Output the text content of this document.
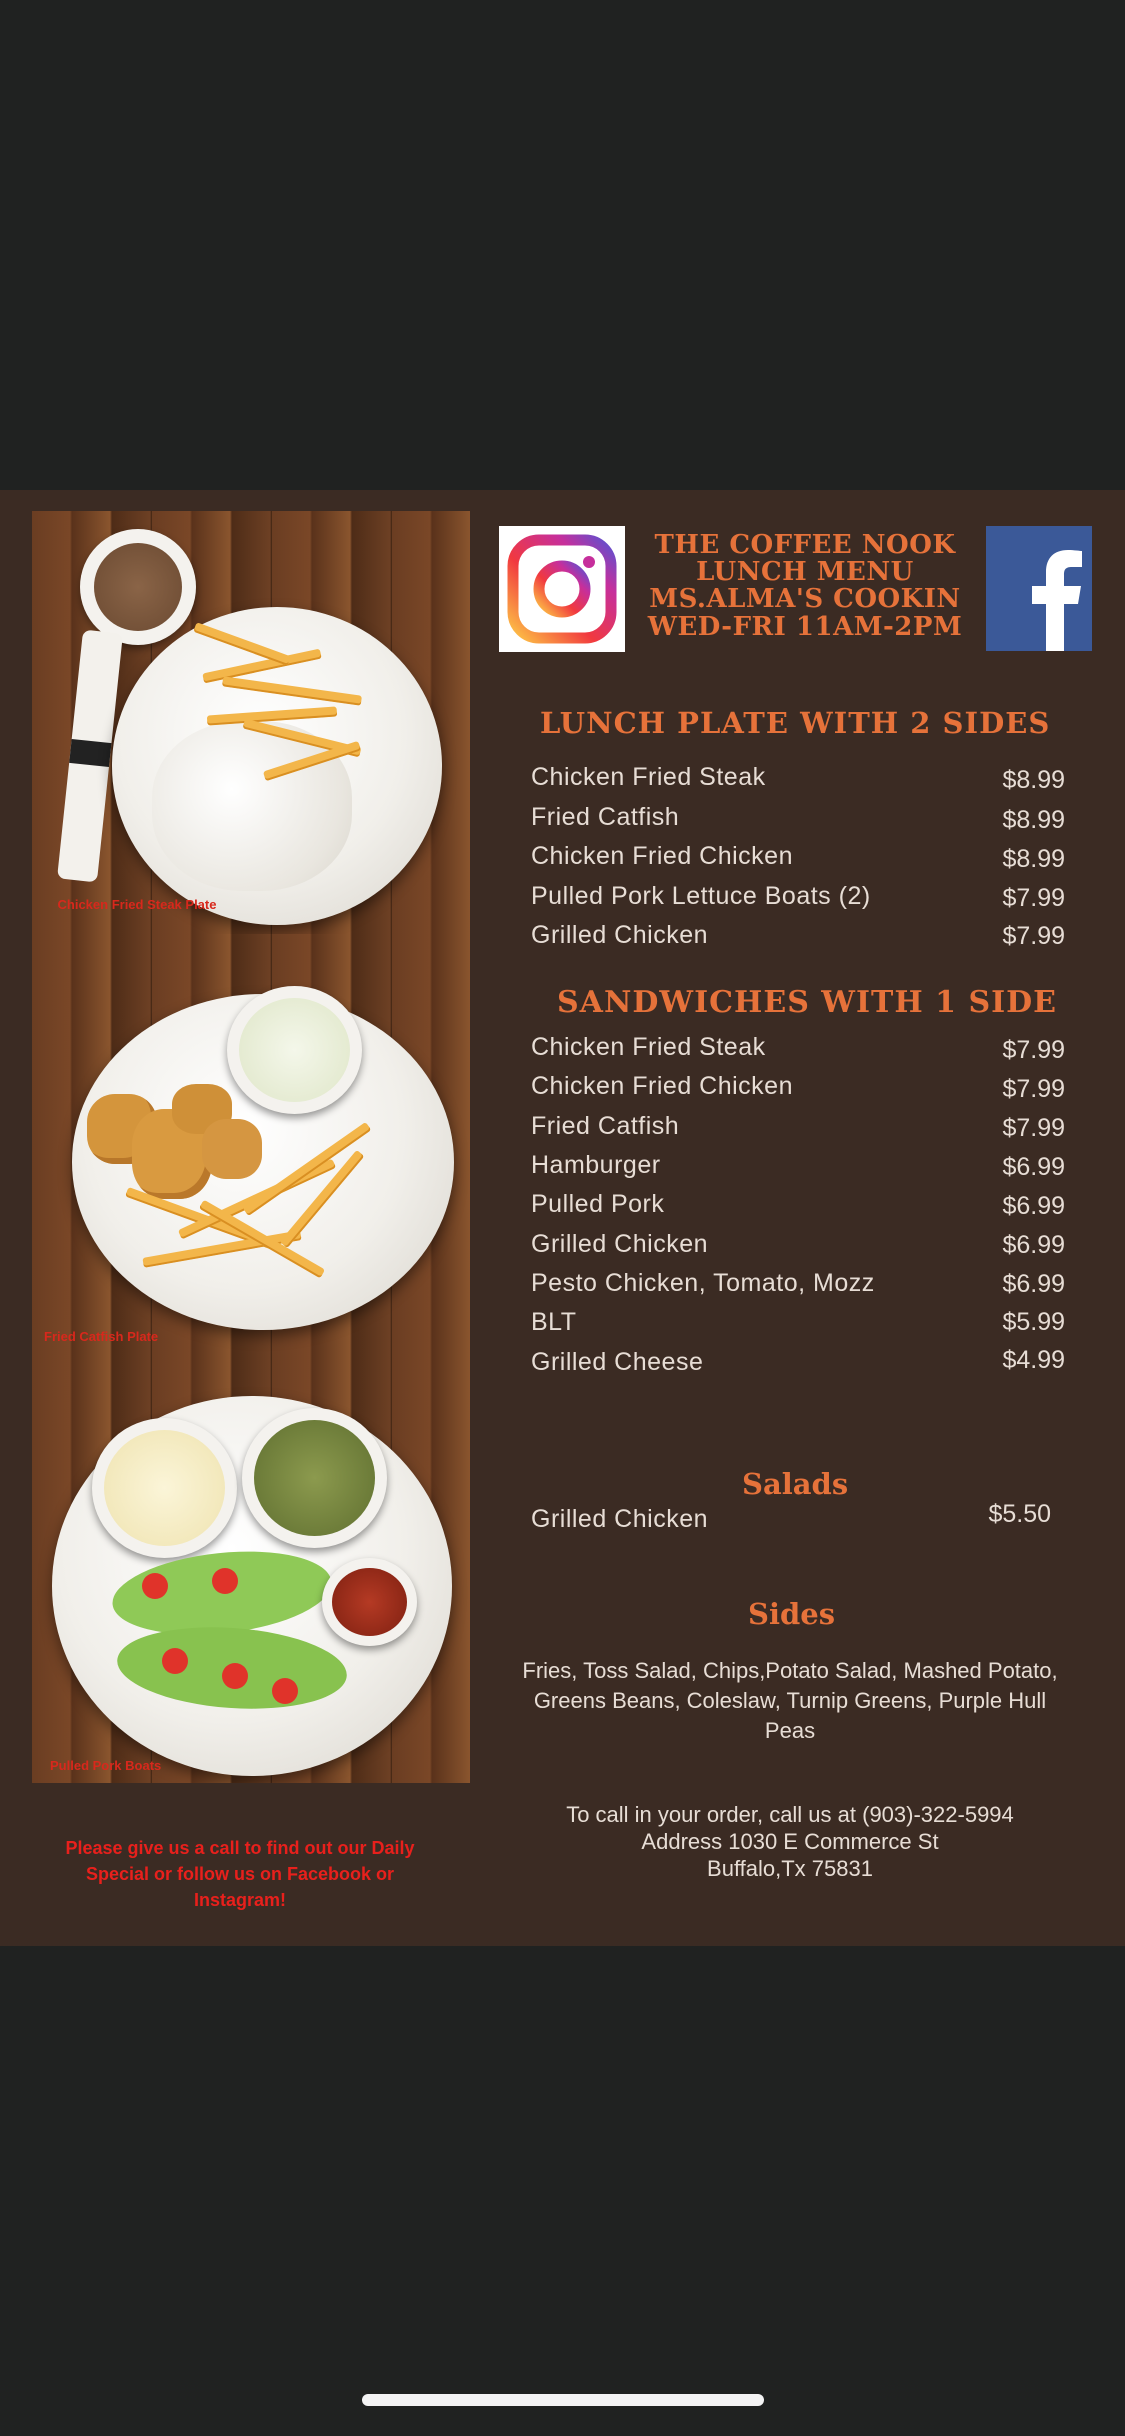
Chicken Fried Steak Plate
Fried Catfish Plate
Pulled Pork Boats
Please give us a call to find out our Daily Special or follow us on Facebook or Instagram!
THE COFFEE NOOK
LUNCH MENU
MS.ALMA'S COOKIN
WED-FRI 11AM-2PM
LUNCH PLATE WITH 2 SIDES
Chicken Fried Steak	$8.99
Fried Catfish	$8.99
Chicken Fried Chicken	$8.99
Pulled Pork Lettuce Boats (2)	$7.99
Grilled Chicken	$7.99
SANDWICHES WITH 1 SIDE
Chicken Fried Steak	$7.99
Chicken Fried Chicken	$7.99
Fried Catfish	$7.99
Hamburger	$6.99
Pulled Pork	$6.99
Grilled Chicken	$6.99
Pesto Chicken, Tomato, Mozz	$6.99
BLT	$5.99
Grilled Cheese	$4.99
Salads
Grilled Chicken	$5.50
Sides
Fries, Toss Salad, Chips,Potato Salad, Mashed Potato, Greens Beans, Coleslaw, Turnip Greens, Purple Hull Peas
To call in your order, call us at (903)-322-5994
Address 1030 E Commerce St
Buffalo,Tx 75831
